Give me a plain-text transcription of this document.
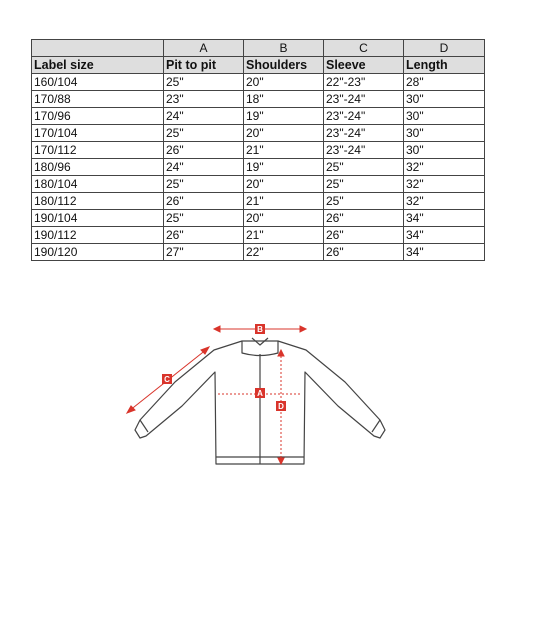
	A	B	C	D
Label size	Pit to pit	Shoulders	Sleeve	Length
160/104	25"	20"	22"-23"	28"
170/88	23"	18"	23"-24"	30"
170/96	24"	19"	23"-24"	30"
170/104	25"	20"	23"-24"	30"
170/112	26"	21"	23"-24"	30"
180/96	24"	19"	25"	32"
180/104	25"	20"	25"	32"
180/112	26"	21"	25"	32"
190/104	25"	20"	26"	34"
190/112	26"	21"	26"	34"
190/120	27"	22"	26"	34"
B
A
C
D
